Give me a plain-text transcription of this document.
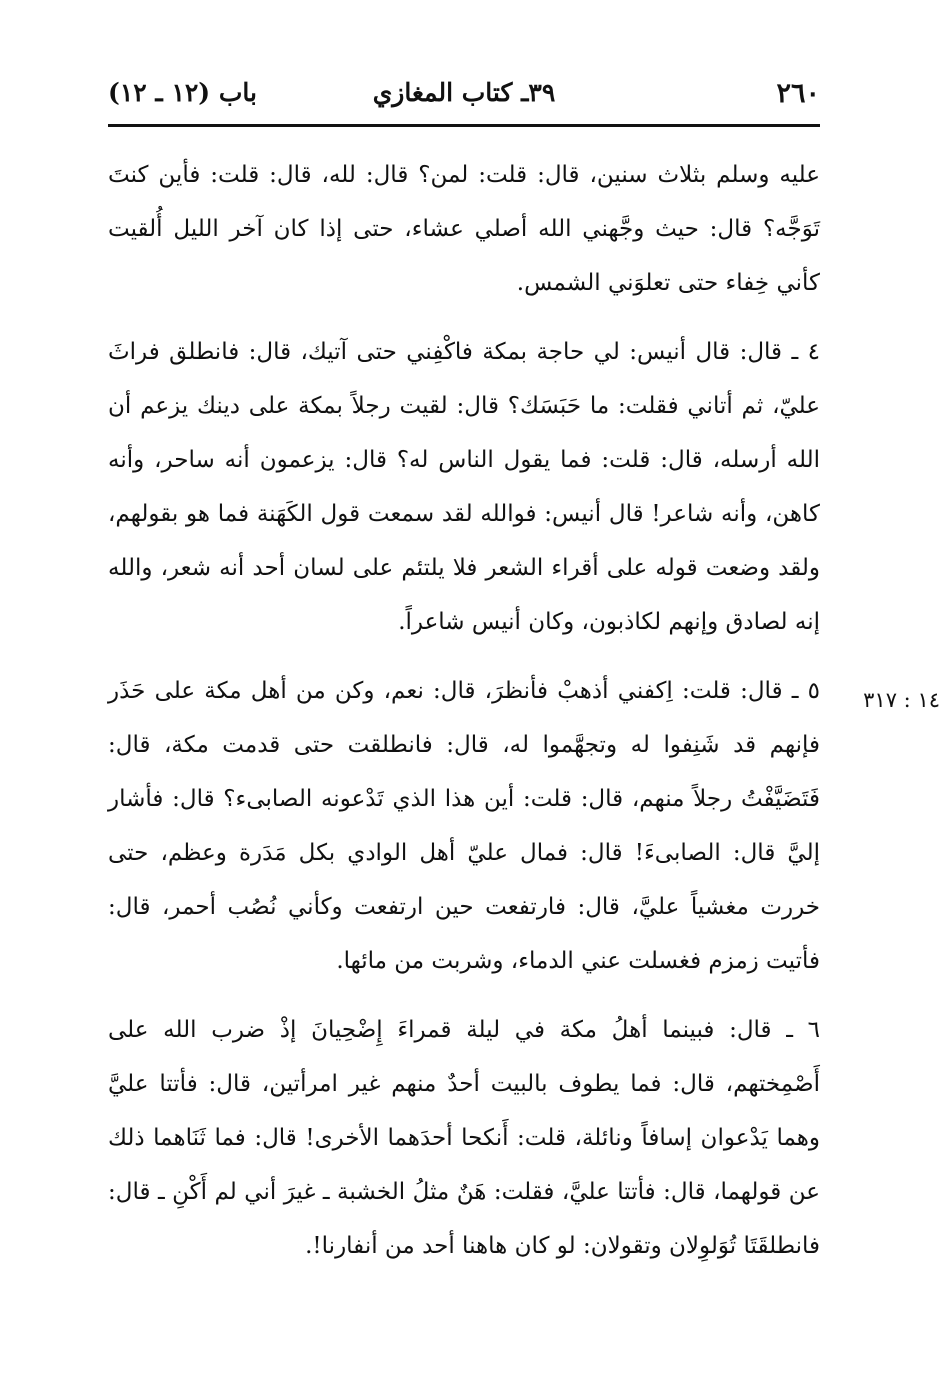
٢٦٠
٣٩ـ كتاب المغازي
باب (١٢ ـ ١٢)

عليه وسلم بثلاث سنين، قال: قلت: لمن؟ قال: لله، قال: قلت: فأين كنتَ تَوَجَّه؟ قال: حيث وجَّهني الله أصلي عشاء، حتى إذا كان آخر الليل أُلقيت كأني خِفاء حتى تعلوَني الشمس.

٤ ـ قال: قال أنيس: لي حاجة بمكة فاكْفِني حتى آتيك، قال: فانطلق فراثَ عليّ، ثم أتاني فقلت: ما حَبَسَك؟ قال: لقيت رجلاً بمكة على دينك يزعم أن الله أرسله، قال: قلت: فما يقول الناس له؟ قال: يزعمون أنه ساحر، وأنه كاهن، وأنه شاعر! قال أنيس: فوالله لقد سمعت قول الكَهَنة فما هو بقولهم، ولقد وضعت قوله على أقراء الشعر فلا يلتئم على لسان أحد أنه شعر، والله إنه لصادق وإنهم لكاذبون، وكان أنيس شاعراً.

٥ ـ قال: قلت: اِكفني أذهبْ فأنظرَ، قال: نعم، وكن من أهل مكة على حَذَر فإنهم قد شَنِفوا له وتجهَّموا له، قال: فانطلقت حتى قدمت مكة، قال: فَتَضَيَّفْتُ رجلاً منهم، قال: قلت: أين هذا الذي تَدْعونه الصابىء؟ قال: فأشار إليَّ قال: الصابىءَ! قال: فمال عليّ أهل الوادي بكل مَدَرة وعظم، حتى خررت مغشياً عليَّ، قال: فارتفعت حين ارتفعت وكأني نُصُب أحمر، قال: فأتيت زمزم فغسلت عني الدماء، وشربت من مائها.

٦ ـ قال: فبينما أهلُ مكة في ليلة قمراءَ إِضْحِيانَ إذْ ضرب الله على أَصْمِختهم، قال: فما يطوف بالبيت أحدٌ منهم غير امرأتين، قال: فأتتا عليَّ وهما يَدْعوان إسافاً ونائلة، قلت: أَنكحا أحدَهما الأخرى! قال: فما ثَنَاهما ذلك عن قولهما، قال: فأتتا عليَّ، فقلت: هَنٌ مثلُ الخشبة ـ غيرَ أني لم أَكْنِ ـ قال: فانطلقَتَا تُوَلوِلان وتقولان: لو كان هاهنا أحد من أنفارنا!.

١٤ : ٣١٧
